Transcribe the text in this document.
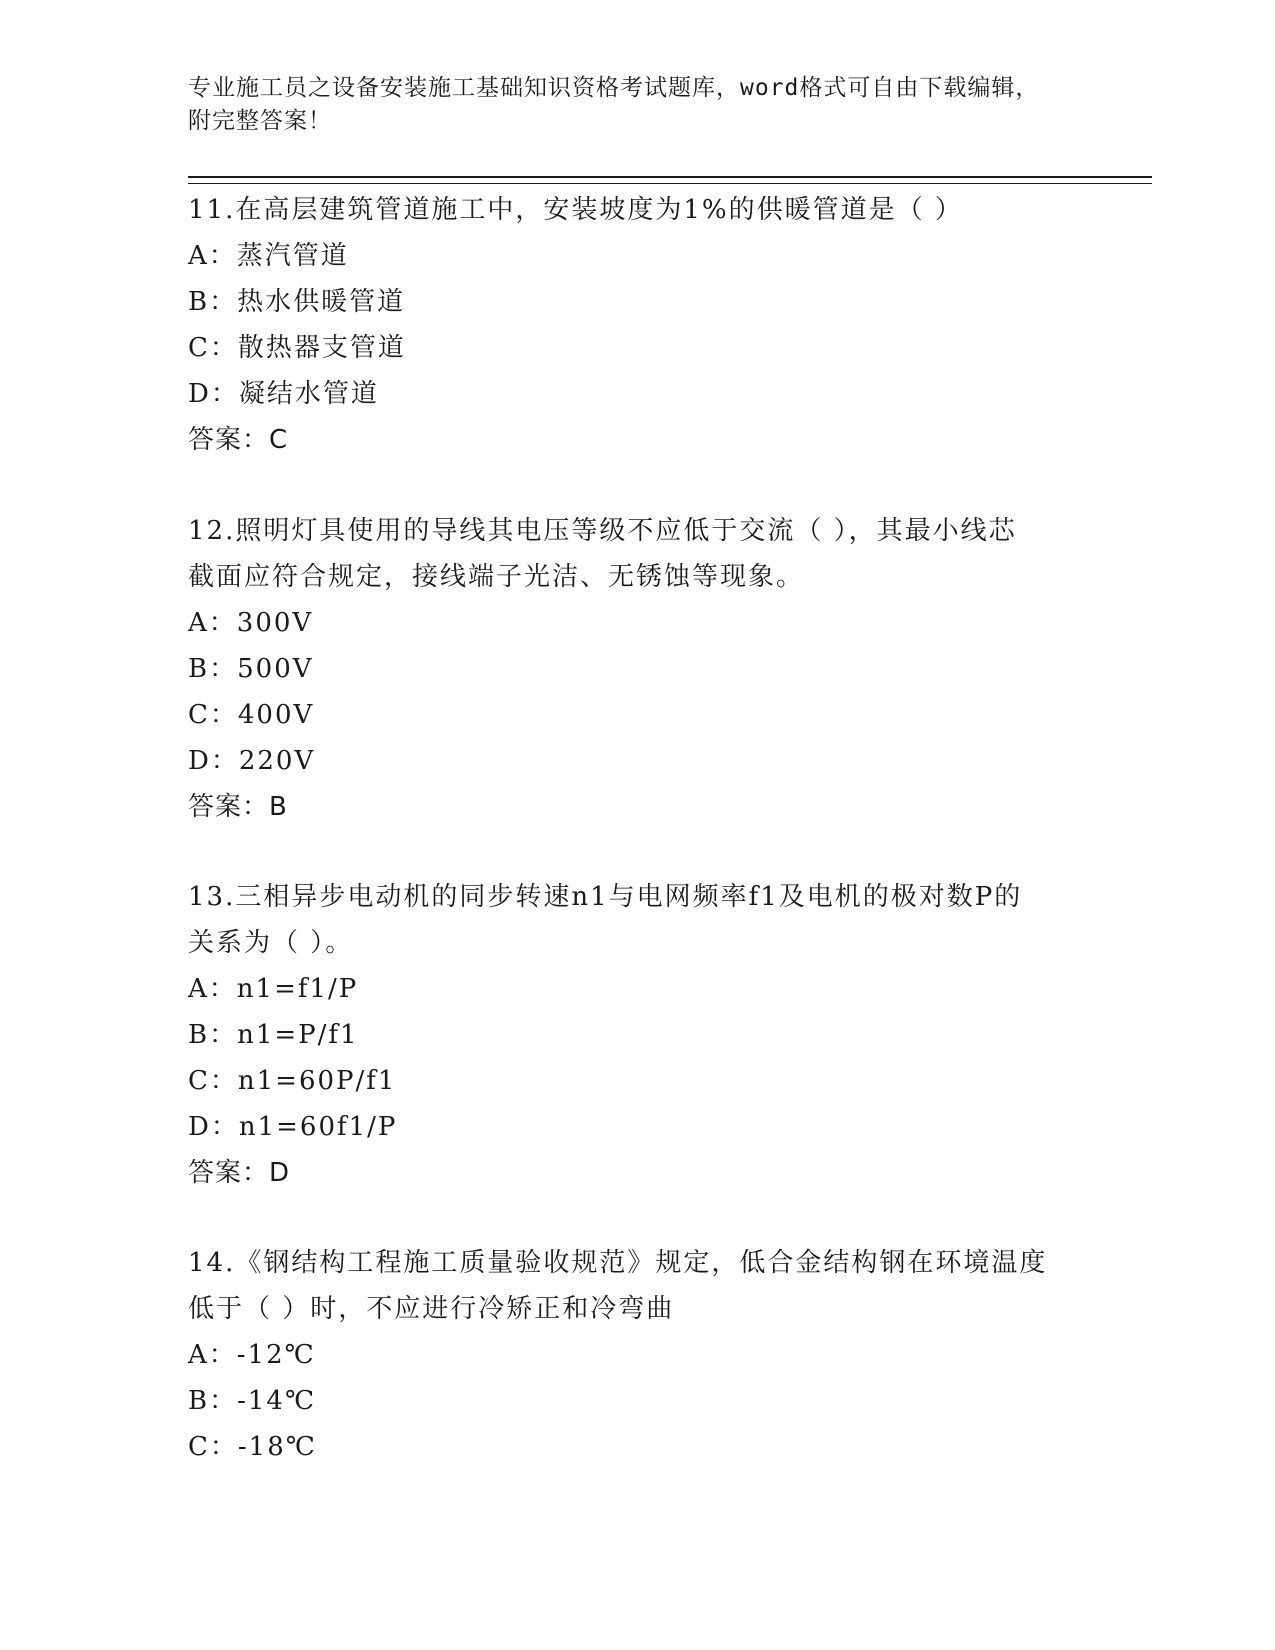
专业施工员之设备安装施工基础知识资格考试题库，word格式可自由下载编辑，
附完整答案！
11.在高层建筑管道施工中，安装坡度为1%的供暖管道是（ ）
A：蒸汽管道
B：热水供暖管道
C：散热器支管道
D：凝结水管道
答案：C
12.照明灯具使用的导线其电压等级不应低于交流（ ），其最小线芯
截面应符合规定，接线端子光洁、无锈蚀等现象。
A：300V
B：500V
C：400V
D：220V
答案：B
13.三相异步电动机的同步转速n1与电网频率f1及电机的极对数P的
关系为（ ）。
A：n1=f1/P
B：n1=P/f1
C：n1=60P/f1
D：n1=60f1/P
答案：D
14.《钢结构工程施工质量验收规范》规定，低合金结构钢在环境温度
低于（ ）时，不应进行冷矫正和冷弯曲
A：-12℃
B：-14℃
C：-18℃
